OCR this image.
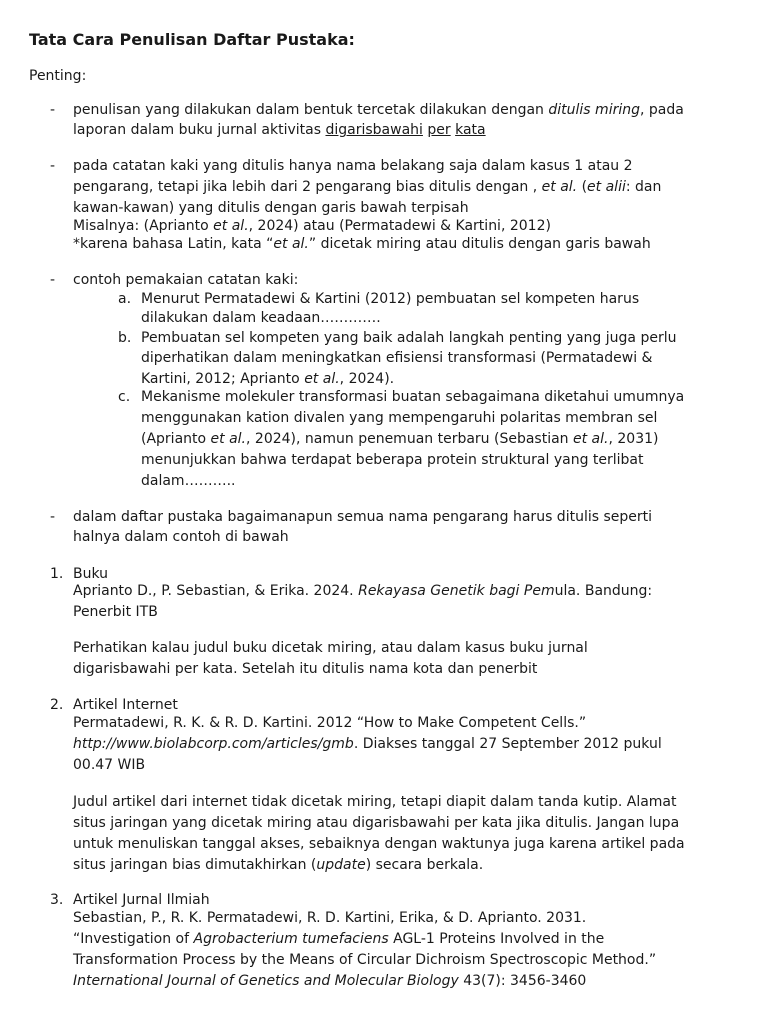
Tata Cara Penulisan Daftar Pustaka:
Penting:
- penulisan yang dilakukan dalam bentuk tercetak dilakukan dengan ditulis miring, pada
laporan dalam buku jurnal aktivitas digarisbawahi per kata
- pada catatan kaki yang ditulis hanya nama belakang saja dalam kasus 1 atau 2
pengarang, tetapi jika lebih dari 2 pengarang bias ditulis dengan , et al. (et alii: dan
kawan-kawan) yang ditulis dengan garis bawah terpisah
Misalnya: (Aprianto et al., 2024) atau (Permatadewi & Kartini, 2012)
*karena bahasa Latin, kata “et al.” dicetak miring atau ditulis dengan garis bawah
- contoh pemakaian catatan kaki:
a. Menurut Permatadewi & Kartini (2012) pembuatan sel kompeten harus
dilakukan dalam keadaan………….
b. Pembuatan sel kompeten yang baik adalah langkah penting yang juga perlu
diperhatikan dalam meningkatkan efisiensi transformasi (Permatadewi &
Kartini, 2012; Aprianto et al., 2024).
c. Mekanisme molekuler transformasi buatan sebagaimana diketahui umumnya
menggunakan kation divalen yang mempengaruhi polaritas membran sel
(Aprianto et al., 2024), namun penemuan terbaru (Sebastian et al., 2031)
menunjukkan bahwa terdapat beberapa protein struktural yang terlibat
dalam………..
- dalam daftar pustaka bagaimanapun semua nama pengarang harus ditulis seperti
halnya dalam contoh di bawah
1. Buku
Aprianto D., P. Sebastian, & Erika. 2024. Rekayasa Genetik bagi Pemula. Bandung:
Penerbit ITB
Perhatikan kalau judul buku dicetak miring, atau dalam kasus buku jurnal
digarisbawahi per kata. Setelah itu ditulis nama kota dan penerbit
2. Artikel Internet
Permatadewi, R. K. & R. D. Kartini. 2012 “How to Make Competent Cells.”
http://www.biolabcorp.com/articles/gmb. Diakses tanggal 27 September 2012 pukul
00.47 WIB
Judul artikel dari internet tidak dicetak miring, tetapi diapit dalam tanda kutip. Alamat
situs jaringan yang dicetak miring atau digarisbawahi per kata jika ditulis. Jangan lupa
untuk menuliskan tanggal akses, sebaiknya dengan waktunya juga karena artikel pada
situs jaringan bias dimutakhirkan (update) secara berkala.
3. Artikel Jurnal Ilmiah
Sebastian, P., R. K. Permatadewi, R. D. Kartini, Erika, & D. Aprianto. 2031.
“Investigation of Agrobacterium tumefaciens AGL-1 Proteins Involved in the
Transformation Process by the Means of Circular Dichroism Spectroscopic Method.”
International Journal of Genetics and Molecular Biology 43(7): 3456-3460
